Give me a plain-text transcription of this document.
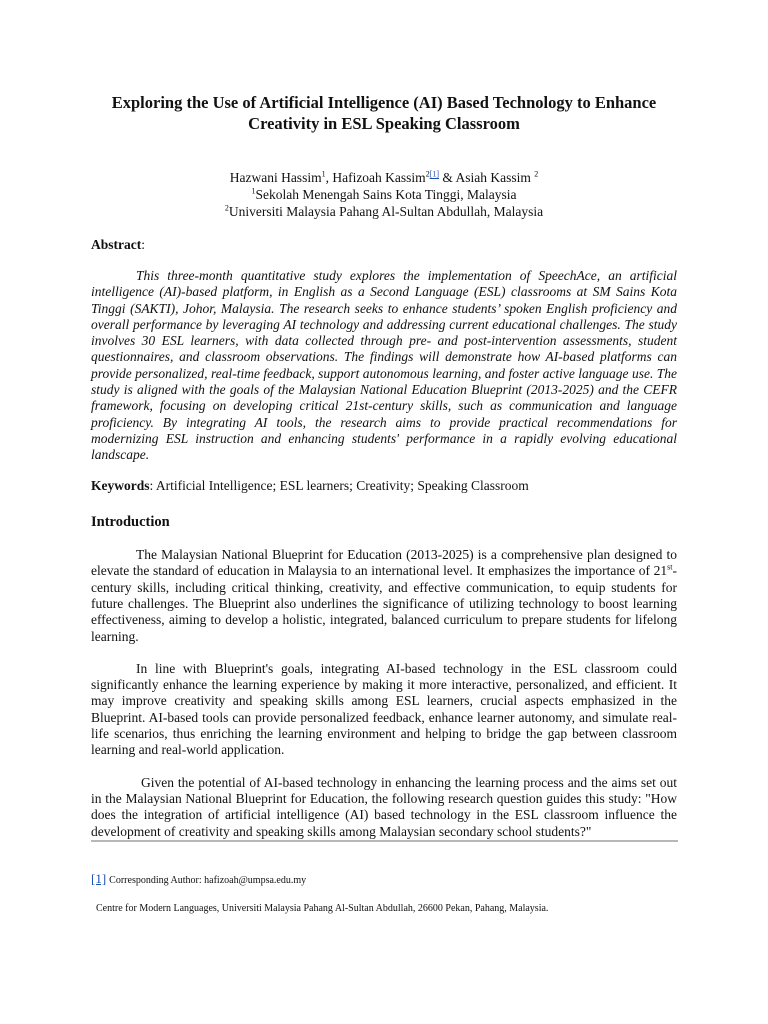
Exploring the Use of Artificial Intelligence (AI) Based Technology to Enhance
Creativity in ESL Speaking Classroom
Hazwani Hassim$^1$, Hafizoah Kassim$^{2[1]}$ & Asiah Kassim $^2$
$^1$Sekolah Menengah Sains Kota Tinggi, Malaysia
$^2$Universiti Malaysia Pahang Al-Sultan Abdullah, Malaysia
Abstract:

This three-month quantitative study explores the implementation of SpeechAce, an artificial intelligence (AI)-based platform, in English as a Second Language (ESL) classrooms at SM Sains Kota Tinggi (SAKTI), Johor, Malaysia. The research seeks to enhance students’ spoken English proficiency and overall performance by leveraging AI technology and addressing current educational challenges. The study involves 30 ESL learners, with data collected through pre- and post-intervention assessments, student questionnaires, and classroom observations. The findings will demonstrate how AI-based platforms can provide personalized, real-time feedback, support autonomous learning, and foster active language use. The study is aligned with the goals of the Malaysian National Education Blueprint (2013-2025) and the CEFR framework, focusing on developing critical 21st-century skills, such as communication and language proficiency. By integrating AI tools, the research aims to provide practical recommendations for modernizing ESL instruction and enhancing students' performance in a rapidly evolving educational landscape.

Keywords: Artificial Intelligence; ESL learners; Creativity; Speaking Classroom
Introduction

The Malaysian National Blueprint for Education (2013-2025) is a comprehensive plan designed to elevate the standard of education in Malaysia to an international level. It emphasizes the importance of 21st-century skills, including critical thinking, creativity, and effective communication, to equip students for future challenges. The Blueprint also underlines the significance of utilizing technology to boost learning effectiveness, aiming to develop a holistic, integrated, balanced curriculum to prepare students for lifelong learning.

In line with Blueprint's goals, integrating AI-based technology in the ESL classroom could significantly enhance the learning experience by making it more interactive, personalized, and efficient. It may improve creativity and speaking skills among ESL learners, crucial aspects emphasized in the Blueprint. AI-based tools can provide personalized feedback, enhance learner autonomy, and simulate real-life scenarios, thus enriching the learning environment and helping to bridge the gap between classroom learning and real-world application.

Given the potential of AI-based technology in enhancing the learning process and the aims set out in the Malaysian National Blueprint for Education, the following research question guides this study: "How does the integration of artificial intelligence (AI) based technology in the ESL classroom influence the development of creativity and speaking skills among Malaysian secondary school students?"

[1] Corresponding Author: hafizoah@umpsa.edu.my
Centre for Modern Languages, Universiti Malaysia Pahang Al-Sultan Abdullah, 26600 Pekan, Pahang, Malaysia.
